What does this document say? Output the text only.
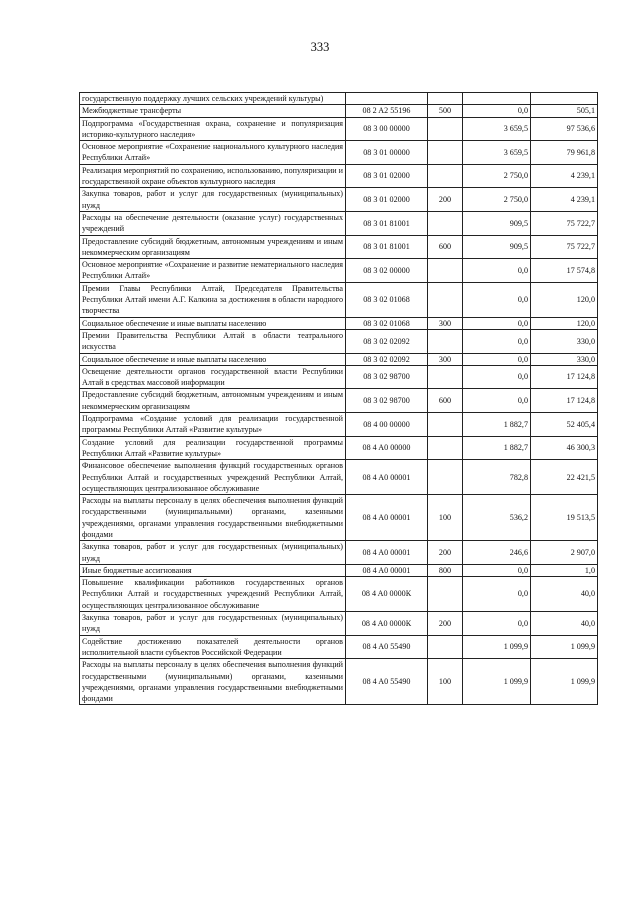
333
государственную поддержку лучших сельских учреждений культуры)				
Межбюджетные трансферты	08 2 A2 55196	500	0,0	505,1
Подпрограмма «Государственная охрана, сохранение и популяризация историко-культурного наследия»	08 3 00 00000		3 659,5	97 536,6
Основное мероприятие «Сохранение национального культурного наследия Республики Алтай»	08 3 01 00000		3 659,5	79 961,8
Реализация мероприятий по сохранению, использованию, популяризации и государственной охране объектов культурного наследия	08 3 01 02000		2 750,0	4 239,1
Закупка товаров, работ и услуг для государственных (муниципальных) нужд	08 3 01 02000	200	2 750,0	4 239,1
Расходы на обеспечение деятельности (оказание услуг) государственных учреждений	08 3 01 81001		909,5	75 722,7
Предоставление субсидий бюджетным, автономным учреждениям и иным некоммерческим организациям	08 3 01 81001	600	909,5	75 722,7
Основное мероприятие «Сохранение и развитие нематериального наследия Республики Алтай»	08 3 02 00000		0,0	17 574,8
Премии Главы Республики Алтай, Председателя Правительства Республики Алтай имени А.Г. Калкина за достижения в области народного творчества	08 3 02 01068		0,0	120,0
Социальное обеспечение и иные выплаты населению	08 3 02 01068	300	0,0	120,0
Премии Правительства Республики Алтай в области театрального искусства	08 3 02 02092		0,0	330,0
Социальное обеспечение и иные выплаты населению	08 3 02 02092	300	0,0	330,0
Освещение деятельности органов государственной власти Республики Алтай в средствах массовой информации	08 3 02 98700		0,0	17 124,8
Предоставление субсидий бюджетным, автономным учреждениям и иным некоммерческим организациям	08 3 02 98700	600	0,0	17 124,8
Подпрограмма «Создание условий для реализации государственной программы Республики Алтай «Развитие культуры»	08 4 00 00000		1 882,7	52 405,4
Создание условий для реализации государственной программы Республики Алтай «Развитие культуры»	08 4 A0 00000		1 882,7	46 300,3
Финансовое обеспечение выполнения функций государственных органов Республики Алтай и государственных учреждений Республики Алтай, осуществляющих централизованное обслуживание	08 4 A0 00001		782,8	22 421,5
Расходы на выплаты персоналу в целях обеспечения выполнения функций государственными (муниципальными) органами, казенными учреждениями, органами управления государственными внебюджетными фондами	08 4 A0 00001	100	536,2	19 513,5
Закупка товаров, работ и услуг для государственных (муниципальных) нужд	08 4 A0 00001	200	246,6	2 907,0
Иные бюджетные ассигнования	08 4 A0 00001	800	0,0	1,0
Повышение квалификации работников государственных органов Республики Алтай и государственных учреждений Республики Алтай, осуществляющих централизованное обслуживание	08 4 A0 0000К		0,0	40,0
Закупка товаров, работ и услуг для государственных (муниципальных) нужд	08 4 A0 0000К	200	0,0	40,0
Содействие достижению показателей деятельности органов исполнительной власти субъектов Российской Федерации	08 4 A0 55490		1 099,9	1 099,9
Расходы на выплаты персоналу в целях обеспечения выполнения функций государственными (муниципальными) органами, казенными учреждениями, органами управления государственными внебюджетными фондами	08 4 A0 55490	100	1 099,9	1 099,9
